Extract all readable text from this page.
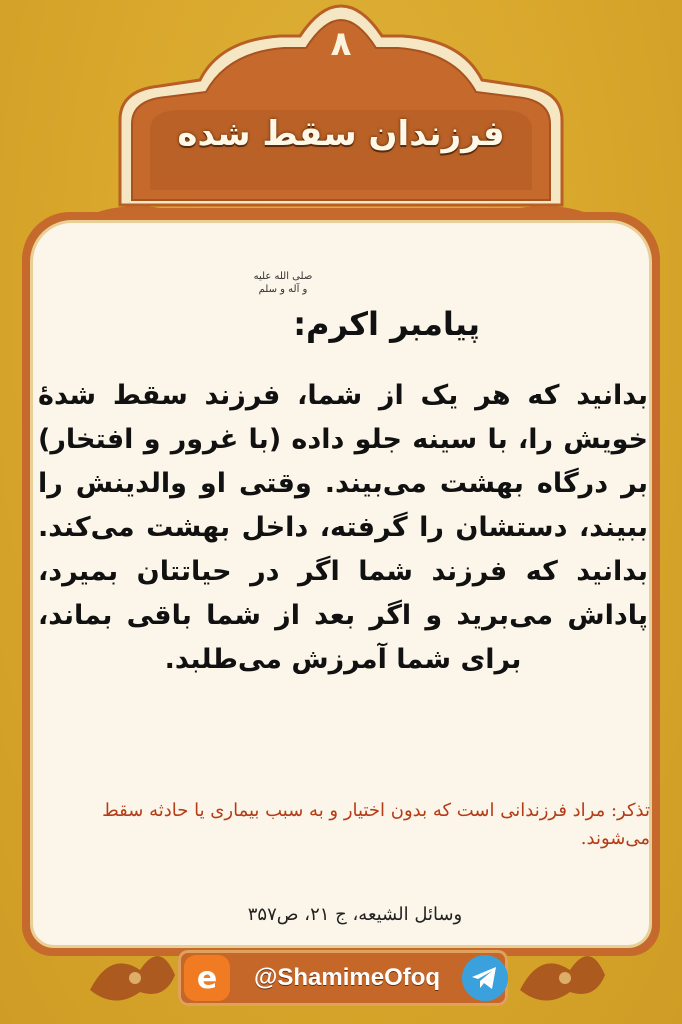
۸
فرزندان سقط شده
صلی الله علیه و آله و سلم
پیامبر اکرم:
بدانید که هر یک از شما، فرزند سقط شدۀ خویش را، با سینه جلو داده (با غرور و افتخار) بر درگاه بهشت می‌بیند. وقتی او والدینش را ببیند، دستشان را گرفته، داخل بهشت می‌کند. بدانید که فرزند شما اگر در حیاتتان بمیرد، پاداش می‌برید و اگر بعد از شما باقی بماند، برای شما آمرزش می‌طلبد.
تذکر: مراد فرزندانی است که بدون اختیار و به سبب بیماری یا حادثه سقط می‌شوند.
وسائل الشیعه، ج ۲۱، ص۳۵۷
e	@ShamimeOfoq
